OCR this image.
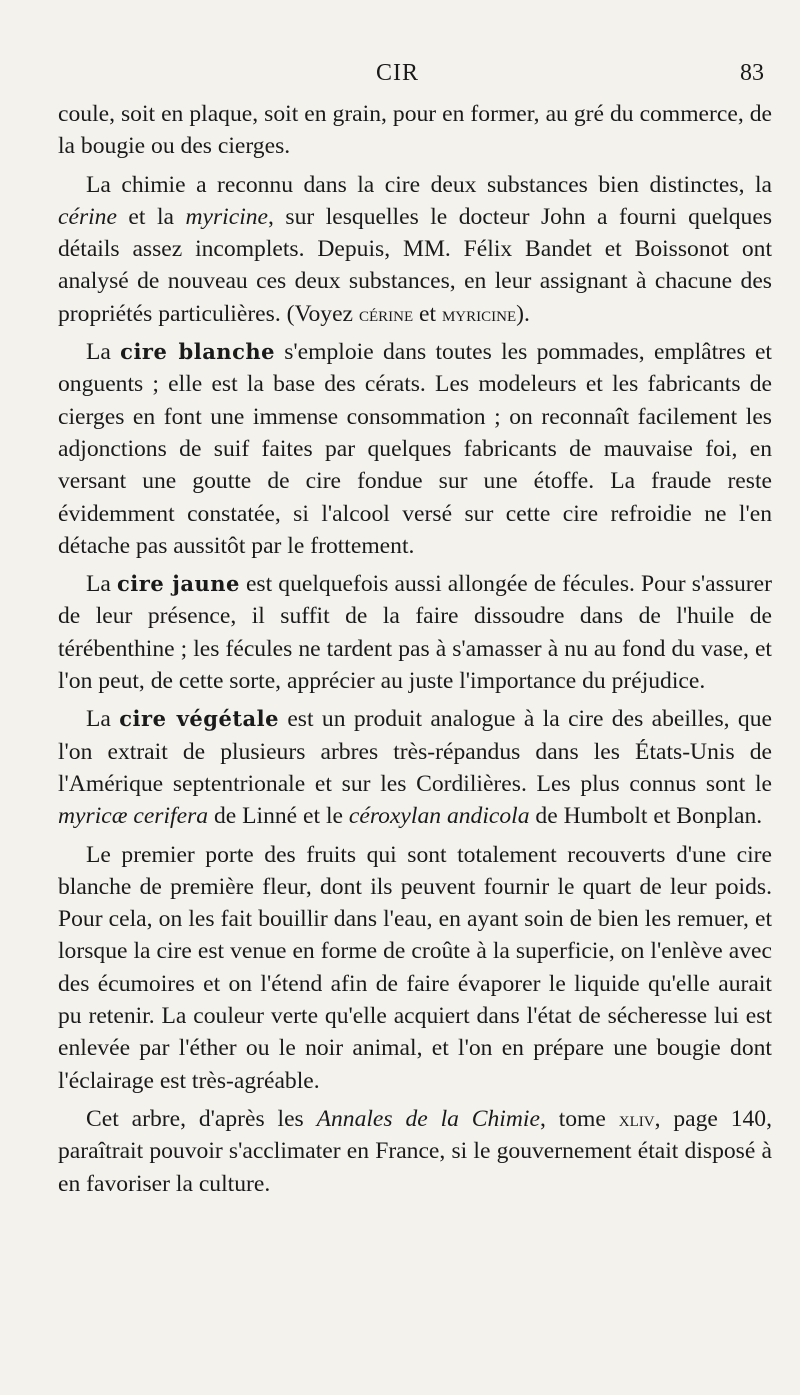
CIR	83

coule, soit en plaque, soit en grain, pour en former, au gré du commerce, de la bougie ou des cierges.

La chimie a reconnu dans la cire deux substances bien distinctes, la cérine et la myricine, sur lesquelles le docteur John a fourni quelques détails assez incomplets. Depuis, MM. Félix Bandet et Boissonot ont analysé de nouveau ces deux substances, en leur assignant à chacune des propriétés particulières. (Voyez cérine et myricine).

La cire blanche s'emploie dans toutes les pommades, emplâtres et onguents ; elle est la base des cérats. Les modeleurs et les fabricants de cierges en font une immense consommation ; on reconnaît facilement les adjonctions de suif faites par quelques fabricants de mauvaise foi, en versant une goutte de cire fondue sur une étoffe. La fraude reste évidemment constatée, si l'alcool versé sur cette cire refroidie ne l'en détache pas aussitôt par le frottement.

La cire jaune est quelquefois aussi allongée de fécules. Pour s'assurer de leur présence, il suffit de la faire dissoudre dans de l'huile de térébenthine ; les fécules ne tardent pas à s'amasser à nu au fond du vase, et l'on peut, de cette sorte, apprécier au juste l'importance du préjudice.

La cire végétale est un produit analogue à la cire des abeilles, que l'on extrait de plusieurs arbres très-répandus dans les États-Unis de l'Amérique septentrionale et sur les Cordilières. Les plus connus sont le myricæ cerifera de Linné et le céroxylan andicola de Humbolt et Bonplan.

Le premier porte des fruits qui sont totalement recouverts d'une cire blanche de première fleur, dont ils peuvent fournir le quart de leur poids. Pour cela, on les fait bouillir dans l'eau, en ayant soin de bien les remuer, et lorsque la cire est venue en forme de croûte à la superficie, on l'enlève avec des écumoires et on l'étend afin de faire évaporer le liquide qu'elle aurait pu retenir. La couleur verte qu'elle acquiert dans l'état de sécheresse lui est enlevée par l'éther ou le noir animal, et l'on en prépare une bougie dont l'éclairage est très-agréable.

Cet arbre, d'après les Annales de la Chimie, tome xliv, page 140, paraîtrait pouvoir s'acclimater en France, si le gouvernement était disposé à en favoriser la culture.
